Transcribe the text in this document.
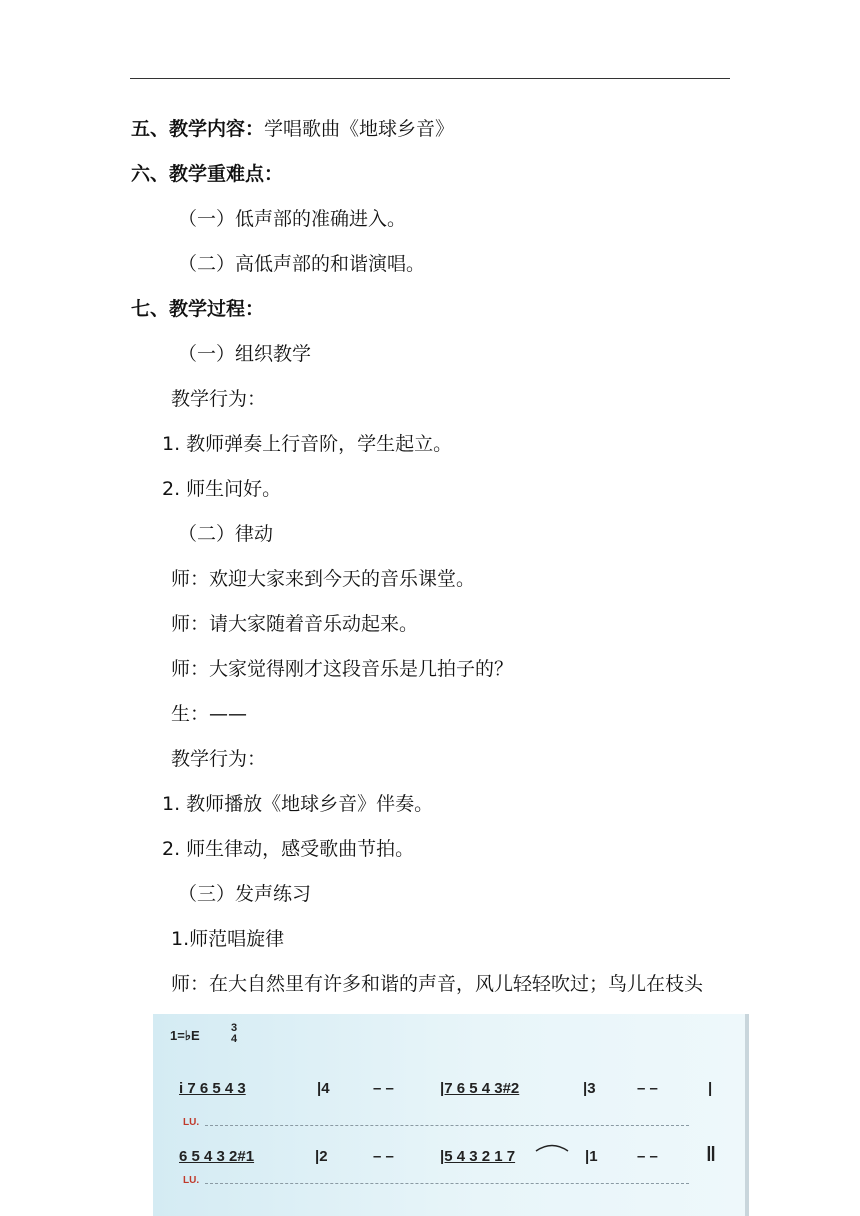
五、教学内容：学唱歌曲《地球乡音》
六、教学重难点：
（一）低声部的准确进入。
（二）高低声部的和谐演唱。
七、教学过程：
（一）组织教学
教学行为：
1. 教师弹奏上行音阶，学生起立。
2. 师生问好。
（二）律动
师：欢迎大家来到今天的音乐课堂。
师：请大家随着音乐动起来。
师：大家觉得刚才这段音乐是几拍子的？
生：——
教学行为：
1. 教师播放《地球乡音》伴奏。
2. 师生律动，感受歌曲节拍。
（三）发声练习
1.师范唱旋律
师：在大自然里有许多和谐的声音，风儿轻轻吹过；鸟儿在枝头
1=♭E	3
4
i 7 6 5 4 3	|4	– –	|7 6 5 4 3#2	|3	– –	|
LU.
6 5 4 3 2#1	|2	– –	|5 4 3 2 1 7	|1	– – ‖
LU.
